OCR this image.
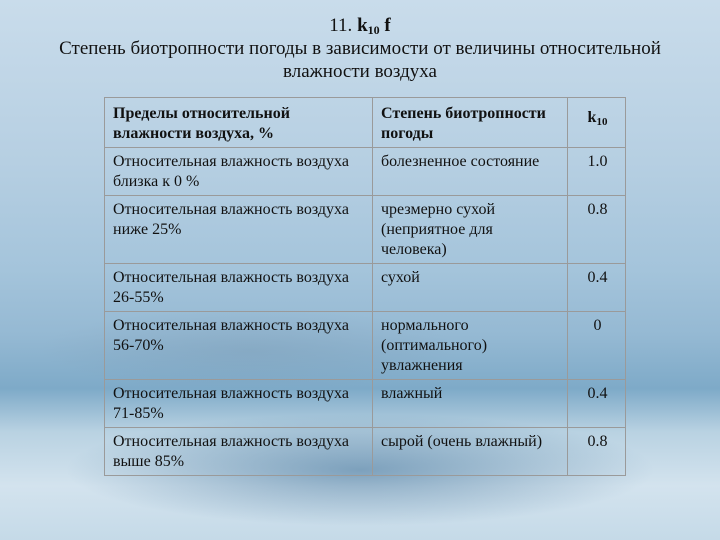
11. $k_{10}$ f
Степень биотропности погоды в зависимости от величины относительной
влажности воздуха
Пределы относительной влажности воздуха, %	Степень биотропности погоды	$k_{10}$
Относительная влажность воздуха близка к 0 %	болезненное состояние	1.0
Относительная влажность воздуха ниже 25%	чрезмерно сухой (неприятное для человека)	0.8
Относительная влажность воздуха 26-55%	сухой	0.4
Относительная влажность воздуха 56-70%	нормального (оптимального) увлажнения	0
Относительная влажность воздуха 71-85%	влажный	0.4
Относительная влажность воздуха выше 85%	сырой (очень влажный)	0.8
